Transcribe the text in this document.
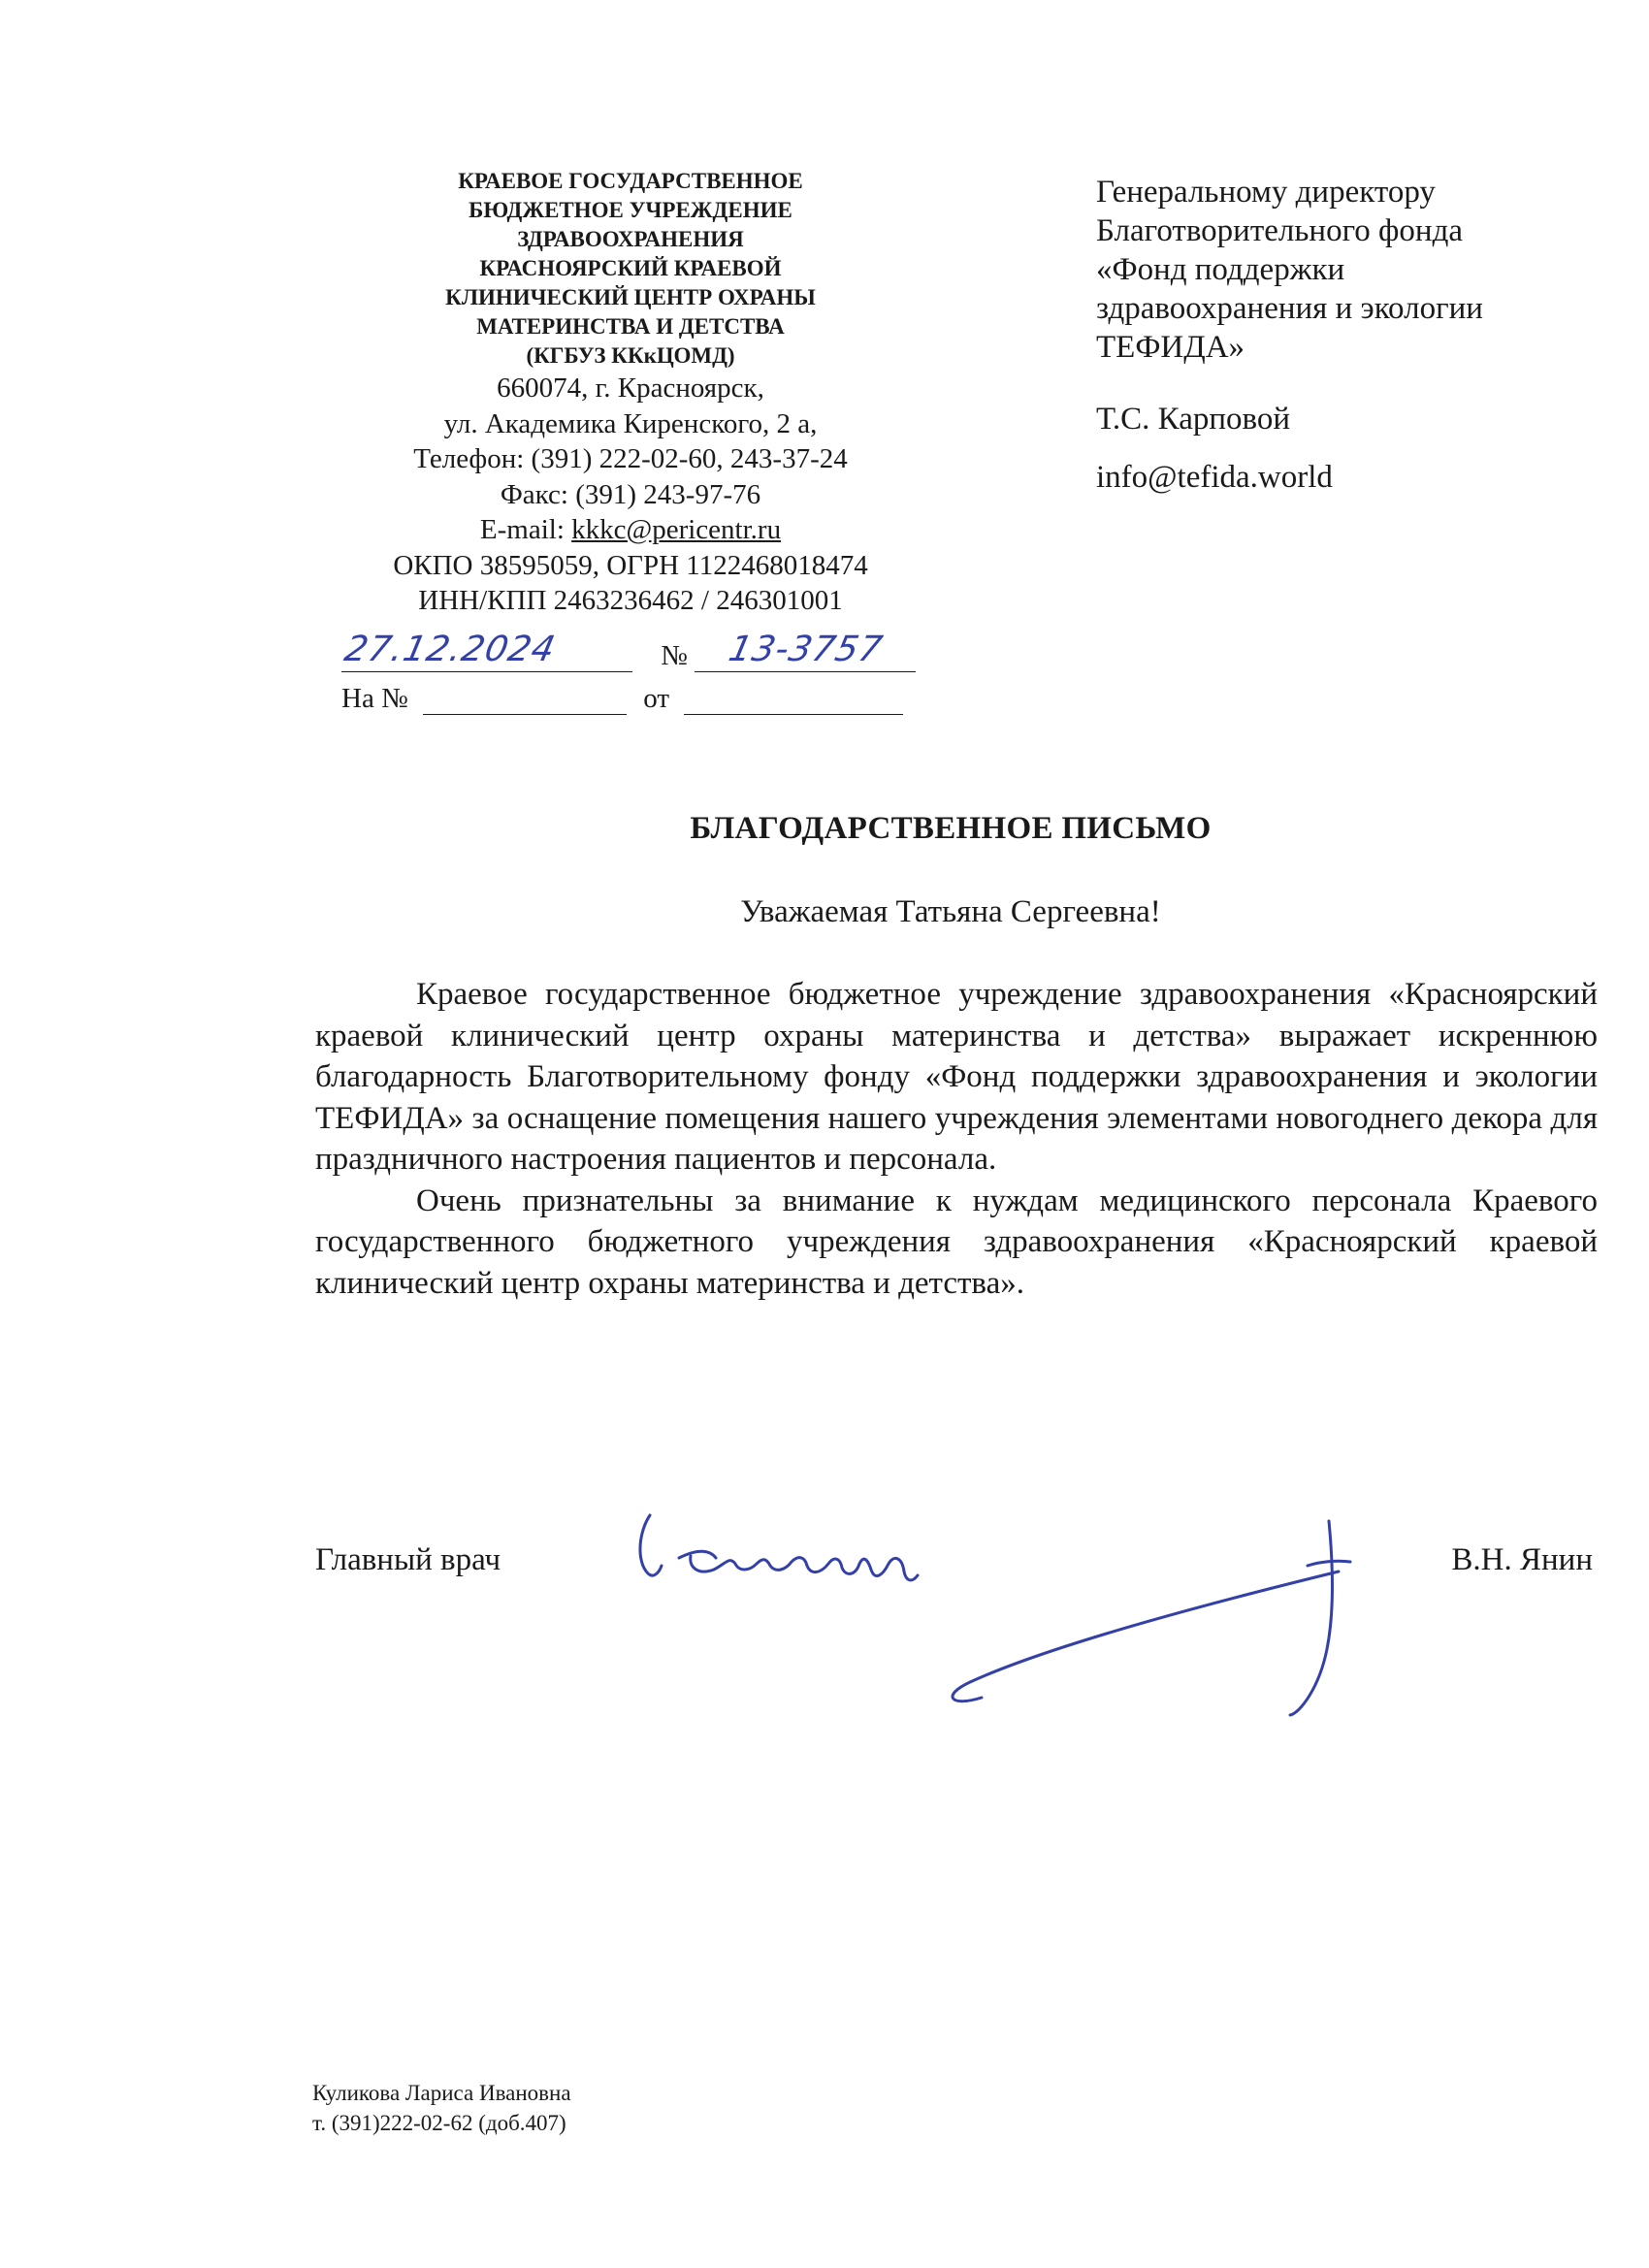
КРАЕВОЕ ГОСУДАРСТВЕННОЕ
БЮДЖЕТНОЕ УЧРЕЖДЕНИЕ
ЗДРАВООХРАНЕНИЯ
КРАСНОЯРСКИЙ КРАЕВОЙ
КЛИНИЧЕСКИЙ ЦЕНТР ОХРАНЫ
МАТЕРИНСТВА И ДЕТСТВА
(КГБУЗ ККкЦОМД)
660074, г. Красноярск,
ул. Академика Киренского, 2 а,
Телефон: (391) 222-02-60, 243-37-24
Факс: (391) 243-97-76
E-mail: kkkc@pericentr.ru
ОКПО 38595059, ОГРН 1122468018474
ИНН/КПП 2463236462 / 246301001
27.12.2024	№ 13-3757
На №	от
Генеральному директору
Благотворительного фонда
«Фонд поддержки
здравоохранения и экологии
ТЕФИДА»
Т.С. Карповой
info@tefida.world
БЛАГОДАРСТВЕННОЕ ПИСЬМО
Уважаемая Татьяна Сергеевна!

Краевое государственное бюджетное учреждение здравоохранения «Красноярский краевой клинический центр охраны материнства и детства» выражает искреннюю благодарность Благотворительному фонду «Фонд поддержки здравоохранения и экологии ТЕФИДА» за оснащение помещения нашего учреждения элементами новогоднего декора для праздничного настроения пациентов и персонала.

Очень признательны за внимание к нуждам медицинского персонала Краевого государственного бюджетного учреждения здравоохранения «Красноярский краевой клинический центр охраны материнства и детства».

Главный врач	В.Н. Янин
Куликова Лариса Ивановна
т. (391)222-02-62 (доб.407)
